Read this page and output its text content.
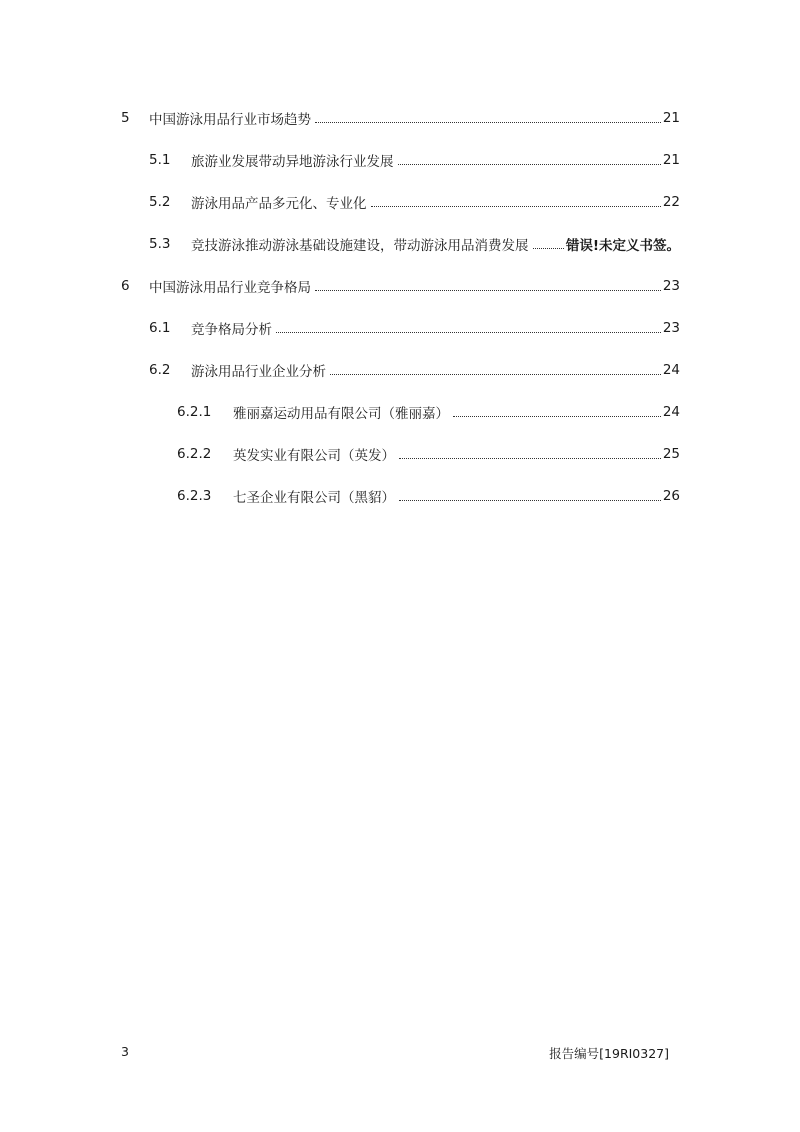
5	中国游泳用品行业市场趋势	21
5.1	旅游业发展带动异地游泳行业发展	21
5.2	游泳用品产品多元化、专业化	22
5.3	竞技游泳推动游泳基础设施建设，带动游泳用品消费发展	错误!未定义书签。
6	中国游泳用品行业竞争格局	23
6.1	竞争格局分析	23
6.2	游泳用品行业企业分析	24
6.2.1	雅丽嘉运动用品有限公司（雅丽嘉）	24
6.2.2	英发实业有限公司（英发）	25
6.2.3	七圣企业有限公司（黑貂）	26
3	报告编号[19RI0327]
